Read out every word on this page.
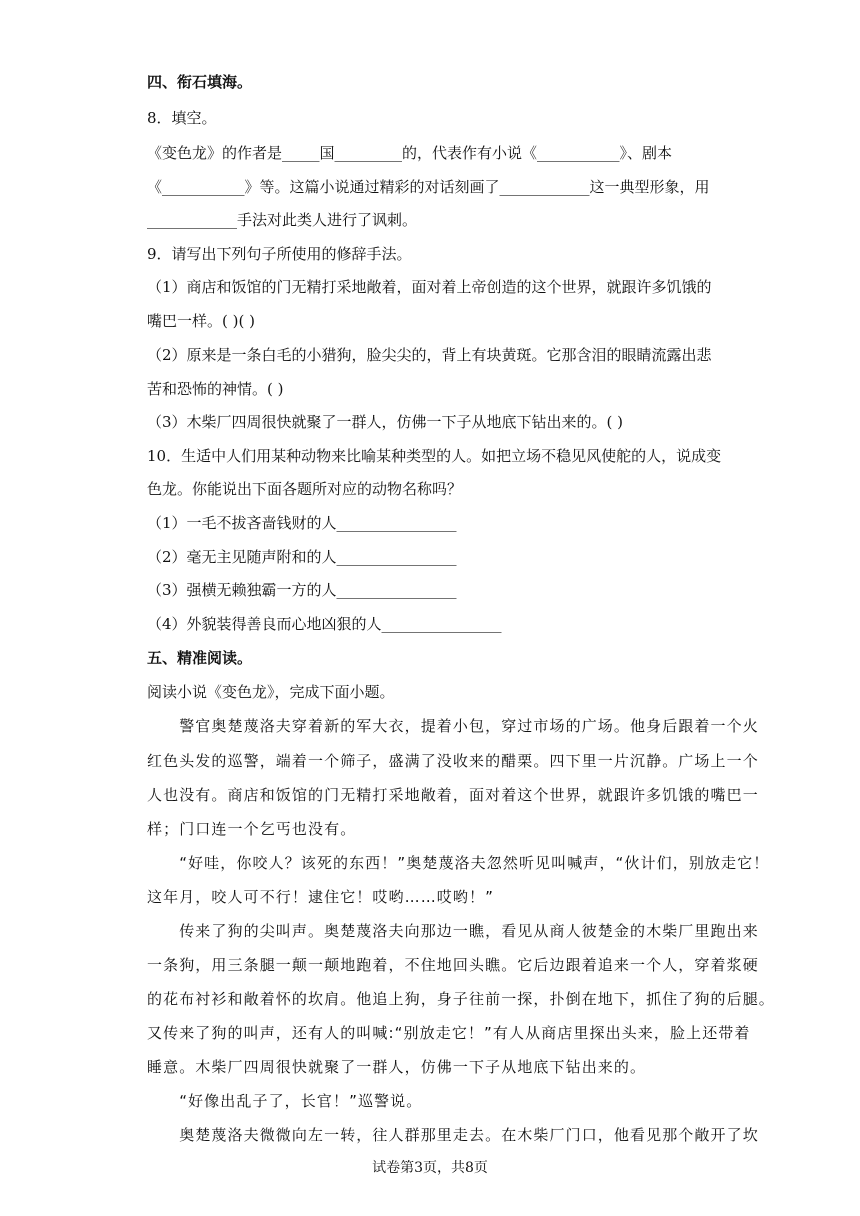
四、衔石填海。
8．填空。
《变色龙》的作者是_____国_________的，代表作有小说《___________》、剧本
《___________》等。这篇小说通过精彩的对话刻画了____________这一典型形象，用
____________手法对此类人进行了讽刺。
9．请写出下列句子所使用的修辞手法。
（1）商店和饭馆的门无精打采地敞着，面对着上帝创造的这个世界，就跟许多饥饿的
嘴巴一样。( )( )
（2）原来是一条白毛的小猎狗，脸尖尖的，背上有块黄斑。它那含泪的眼睛流露出悲
苦和恐怖的神情。( )
（3）木柴厂四周很快就聚了一群人，仿佛一下子从地底下钻出来的。( )
10．生适中人们用某种动物来比喻某种类型的人。如把立场不稳见风使舵的人，说成变
色龙。你能说出下面各题所对应的动物名称吗？
（1）一毛不拔吝啬钱财的人________________
（2）毫无主见随声附和的人________________
（3）强横无赖独霸一方的人________________
（4）外貌装得善良而心地凶狠的人________________
五、精准阅读。
阅读小说《变色龙》，完成下面小题。
　　警官奥楚蔑洛夫穿着新的军大衣，提着小包，穿过市场的广场。他身后跟着一个火
红色头发的巡警，端着一个筛子，盛满了没收来的醋栗。四下里一片沉静。广场上一个
人也没有。商店和饭馆的门无精打采地敞着，面对着这个世界，就跟许多饥饿的嘴巴一
样；门口连一个乞丐也没有。
　　“好哇，你咬人？该死的东西！”奥楚蔑洛夫忽然听见叫喊声，“伙计们，别放走它！
这年月，咬人可不行！逮住它！哎哟……哎哟！”
　　传来了狗的尖叫声。奥楚蔑洛夫向那边一瞧，看见从商人彼楚金的木柴厂里跑出来
一条狗，用三条腿一颠一颠地跑着，不住地回头瞧。它后边跟着追来一个人，穿着浆硬
的花布衬衫和敞着怀的坎肩。他追上狗，身子往前一探，扑倒在地下，抓住了狗的后腿。
又传来了狗的叫声，还有人的叫喊:“别放走它！”有人从商店里探出头来，脸上还带着
睡意。木柴厂四周很快就聚了一群人，仿佛一下子从地底下钻出来的。
　　“好像出乱子了，长官！”巡警说。
　　奥楚蔑洛夫微微向左一转，往人群那里走去。在木柴厂门口，他看见那个敞开了坎
试卷第3页，共8页
